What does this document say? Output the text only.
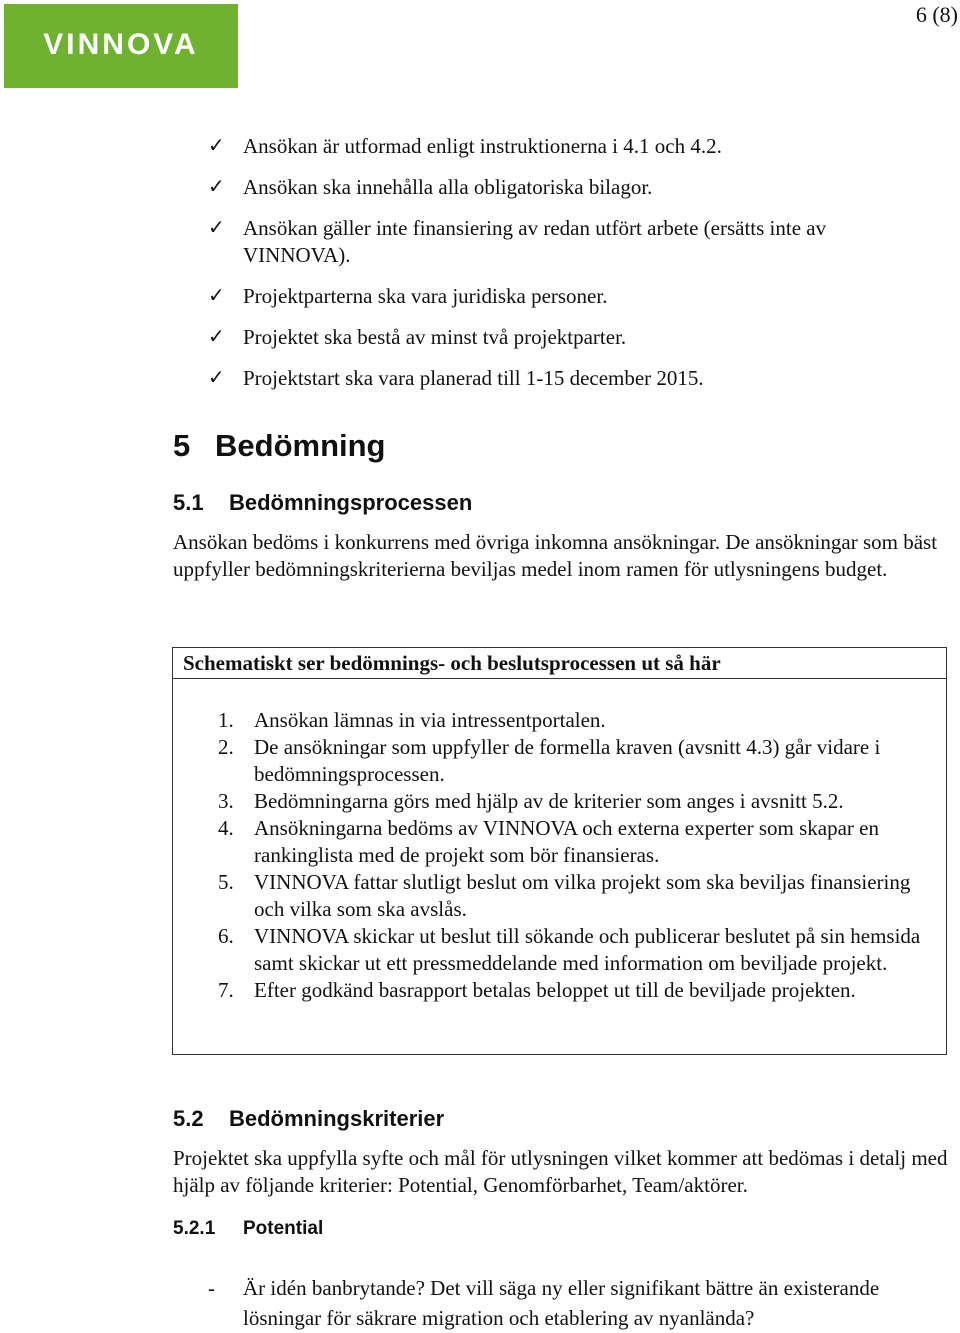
VINNOVA
6 (8)
✓ Ansökan är utformad enligt instruktionerna i 4.1 och 4.2.
✓ Ansökan ska innehålla alla obligatoriska bilagor.
✓ Ansökan gäller inte finansiering av redan utfört arbete (ersätts inte av VINNOVA).
✓ Projektparterna ska vara juridiska personer.
✓ Projektet ska bestå av minst två projektparter.
✓ Projektstart ska vara planerad till 1-15 december 2015.
5 Bedömning
5.1 Bedömningsprocessen

Ansökan bedöms i konkurrens med övriga inkomna ansökningar. De ansökningar som bäst uppfyller bedömningskriterierna beviljas medel inom ramen för utlysningens budget.

Schematiskt ser bedömnings- och beslutsprocessen ut så här
1. Ansökan lämnas in via intressentportalen.
2. De ansökningar som uppfyller de formella kraven (avsnitt 4.3) går vidare i bedömningsprocessen.
3. Bedömningarna görs med hjälp av de kriterier som anges i avsnitt 5.2.
4. Ansökningarna bedöms av VINNOVA och externa experter som skapar en rankinglista med de projekt som bör finansieras.
5. VINNOVA fattar slutligt beslut om vilka projekt som ska beviljas finansiering och vilka som ska avslås.
6. VINNOVA skickar ut beslut till sökande och publicerar beslutet på sin hemsida samt skickar ut ett pressmeddelande med information om beviljade projekt.
7. Efter godkänd basrapport betalas beloppet ut till de beviljade projekten.
5.2 Bedömningskriterier

Projektet ska uppfylla syfte och mål för utlysningen vilket kommer att bedömas i detalj med hjälp av följande kriterier: Potential, Genomförbarhet, Team/aktörer.

5.2.1 Potential
- Är idén banbrytande? Det vill säga ny eller signifikant bättre än existerande lösningar för säkrare migration och etablering av nyanlända?
